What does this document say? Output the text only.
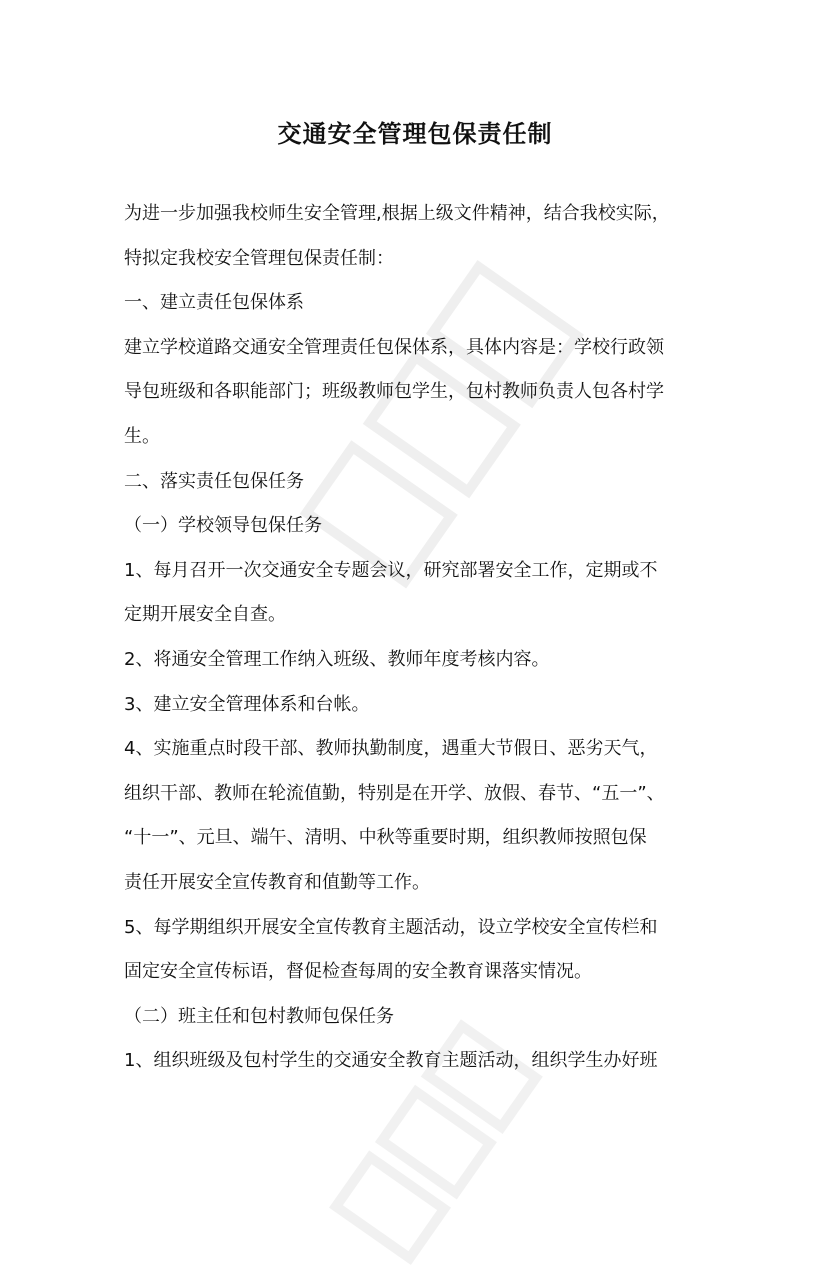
交通安全管理包保责任制

为进一步加强我校师生安全管理,根据上级文件精神，结合我校实际，

特拟定我校安全管理包保责任制：

一、建立责任包保体系

建立学校道路交通安全管理责任包保体系，具体内容是：学校行政领

导包班级和各职能部门；班级教师包学生，包村教师负责人包各村学

生。

二、落实责任包保任务

（一）学校领导包保任务

1、每月召开一次交通安全专题会议，研究部署安全工作，定期或不

定期开展安全自查。

2、将通安全管理工作纳入班级、教师年度考核内容。

3、建立安全管理体系和台帐。

4、实施重点时段干部、教师执勤制度，遇重大节假日、恶劣天气，

组织干部、教师在轮流值勤，特别是在开学、放假、春节、“五一”、

“十一”、元旦、端午、清明、中秋等重要时期，组织教师按照包保

责任开展安全宣传教育和值勤等工作。

5、每学期组织开展安全宣传教育主题活动，设立学校安全宣传栏和

固定安全宣传标语，督促检查每周的安全教育课落实情况。

（二）班主任和包村教师包保任务

1、组织班级及包村学生的交通安全教育主题活动，组织学生办好班
